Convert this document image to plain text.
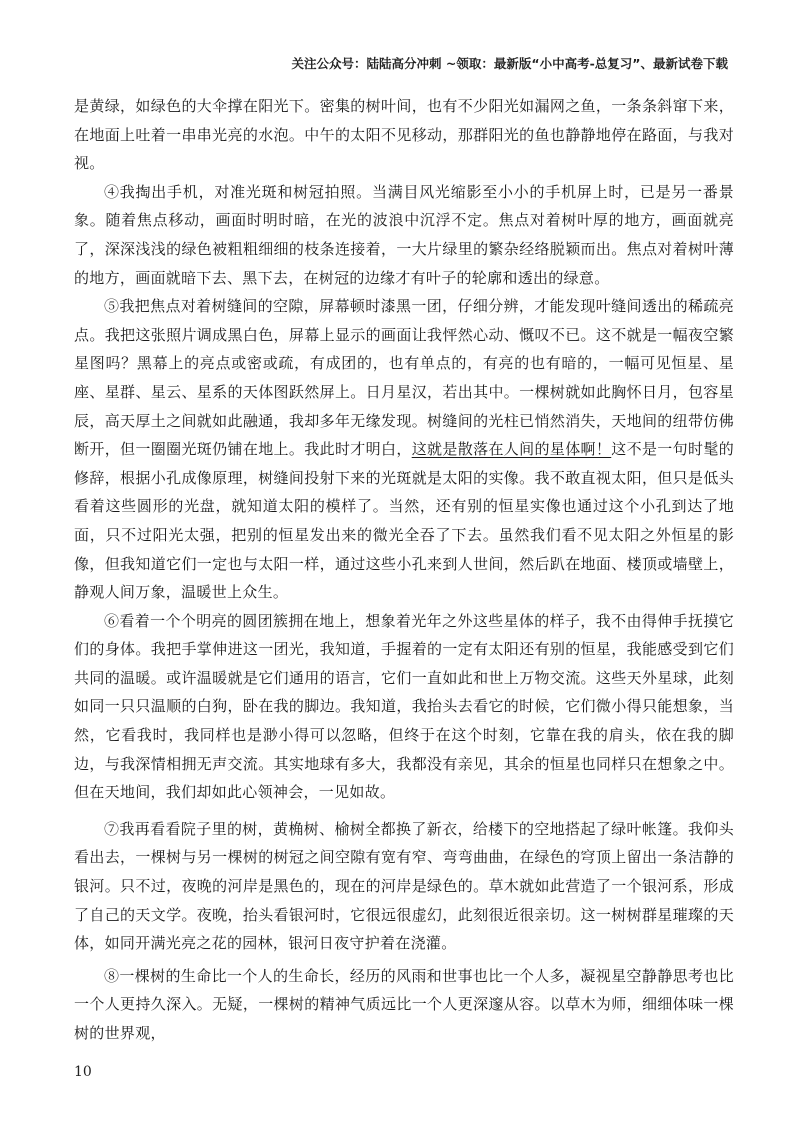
关注公众号：陆陆高分冲刺 ~领取：最新版“小中高考-总复习”、最新试卷下载

是黄绿，如绿色的大伞撑在阳光下。密集的树叶间，也有不少阳光如漏网之鱼，一条条斜窜下来，在地面上吐着一串串光亮的水泡。中午的太阳不见移动，那群阳光的鱼也静静地停在路面，与我对视。

④我掏出手机，对准光斑和树冠拍照。当满目风光缩影至小小的手机屏上时，已是另一番景象。随着焦点移动，画面时明时暗，在光的波浪中沉浮不定。焦点对着树叶厚的地方，画面就亮了，深深浅浅的绿色被粗粗细细的枝条连接着，一大片绿里的繁杂经络脱颖而出。焦点对着树叶薄的地方，画面就暗下去、黑下去，在树冠的边缘才有叶子的轮廓和透出的绿意。

⑤我把焦点对着树缝间的空隙，屏幕顿时漆黑一团，仔细分辨，才能发现叶缝间透出的稀疏亮点。我把这张照片调成黑白色，屏幕上显示的画面让我怦然心动、慨叹不已。这不就是一幅夜空繁星图吗？黑幕上的亮点或密或疏，有成团的，也有单点的，有亮的也有暗的，一幅可见恒星、星座、星群、星云、星系的天体图跃然屏上。日月星汉，若出其中。一棵树就如此胸怀日月，包容星辰，高天厚土之间就如此融通，我却多年无缘发现。树缝间的光柱已悄然消失，天地间的纽带仿佛断开，但一圈圈光斑仍铺在地上。我此时才明白，这就是散落在人间的星体啊！这不是一句时髦的修辞，根据小孔成像原理，树缝间投射下来的光斑就是太阳的实像。我不敢直视太阳，但只是低头看着这些圆形的光盘，就知道太阳的模样了。当然，还有别的恒星实像也通过这个小孔到达了地面，只不过阳光太强，把别的恒星发出来的微光全吞了下去。虽然我们看不见太阳之外恒星的影像，但我知道它们一定也与太阳一样，通过这些小孔来到人世间，然后趴在地面、楼顶或墙壁上，静观人间万象，温暖世上众生。

⑥看着一个个明亮的圆团簇拥在地上，想象着光年之外这些星体的样子，我不由得伸手抚摸它们的身体。我把手掌伸进这一团光，我知道，手握着的一定有太阳还有别的恒星，我能感受到它们共同的温暖。或许温暖就是它们通用的语言，它们一直如此和世上万物交流。这些天外星球，此刻如同一只只温顺的白狗，卧在我的脚边。我知道，我抬头去看它的时候，它们微小得只能想象，当然，它看我时，我同样也是渺小得可以忽略，但终于在这个时刻，它靠在我的肩头，依在我的脚边，与我深情相拥无声交流。其实地球有多大，我都没有亲见，其余的恒星也同样只在想象之中。但在天地间，我们却如此心领神会，一见如故。

⑦我再看看院子里的树，黄桷树、榆树全都换了新衣，给楼下的空地搭起了绿叶帐篷。我仰头看出去，一棵树与另一棵树的树冠之间空隙有宽有窄、弯弯曲曲，在绿色的穹顶上留出一条洁静的银河。只不过，夜晚的河岸是黑色的，现在的河岸是绿色的。草木就如此营造了一个银河系，形成了自己的天文学。夜晚，抬头看银河时，它很远很虚幻，此刻很近很亲切。这一树树群星璀璨的天体，如同开满光亮之花的园林，银河日夜守护着在浇灌。

⑧一棵树的生命比一个人的生命长，经历的风雨和世事也比一个人多，凝视星空静静思考也比一个人更持久深入。无疑，一棵树的精神气质远比一个人更深邃从容。以草木为师，细细体味一棵树的世界观，

10
